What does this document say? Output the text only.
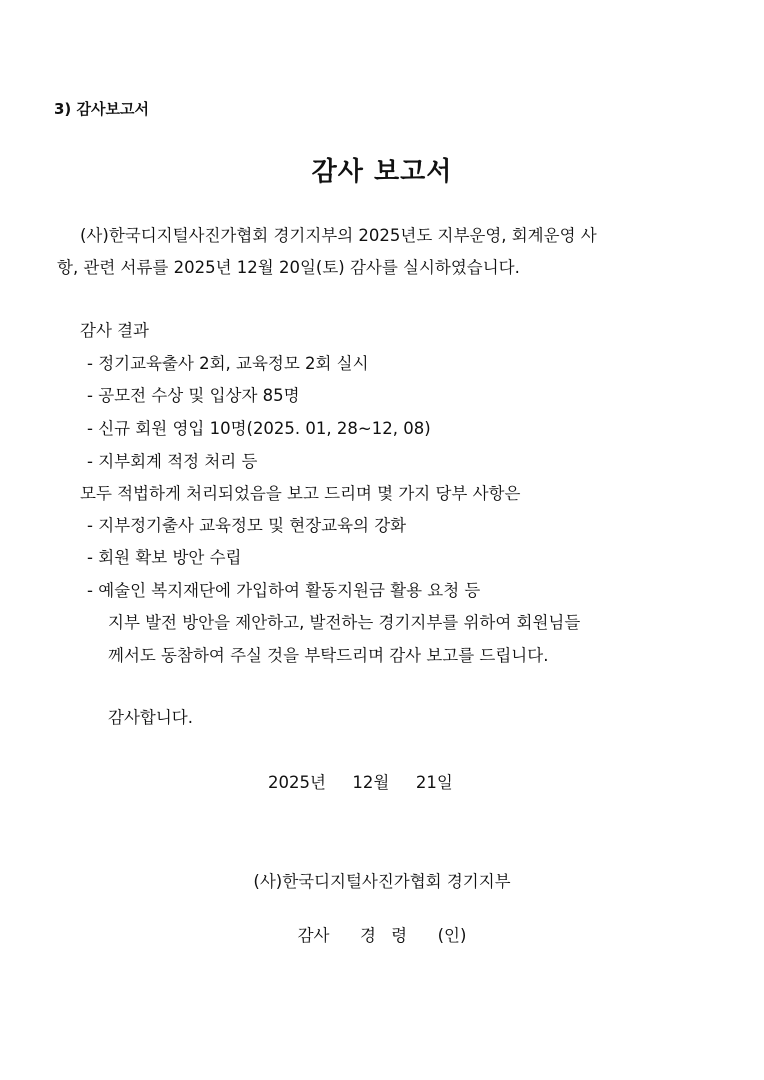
3) 감사보고서
감사 보고서
(사)한국디지털사진가협회 경기지부의 2025년도 지부운영, 회계운영 사
항, 관련 서류를 2025년 12월 20일(토) 감사를 실시하였습니다.
감사 결과
- 정기교육출사 2회, 교육정모 2회 실시
- 공모전 수상 및 입상자 85명
- 신규 회원 영입 10명(2025. 01, 28~12, 08)
- 지부회계 적정 처리 등
모두 적법하게 처리되었음을 보고 드리며 몇 가지 당부 사항은
- 지부정기출사 교육정모 및 현장교육의 강화
- 회원 확보 방안 수립
- 예술인 복지재단에 가입하여 활동지원금 활용 요청 등
지부 발전 방안을 제안하고, 발전하는 경기지부를 위하여 회원님들
께서도 동참하여 주실 것을 부탁드리며 감사 보고를 드립니다.
감사합니다.
2025년  12월  21일
(사)한국디지털사진가협회 경기지부
감사  경 령  (인)
